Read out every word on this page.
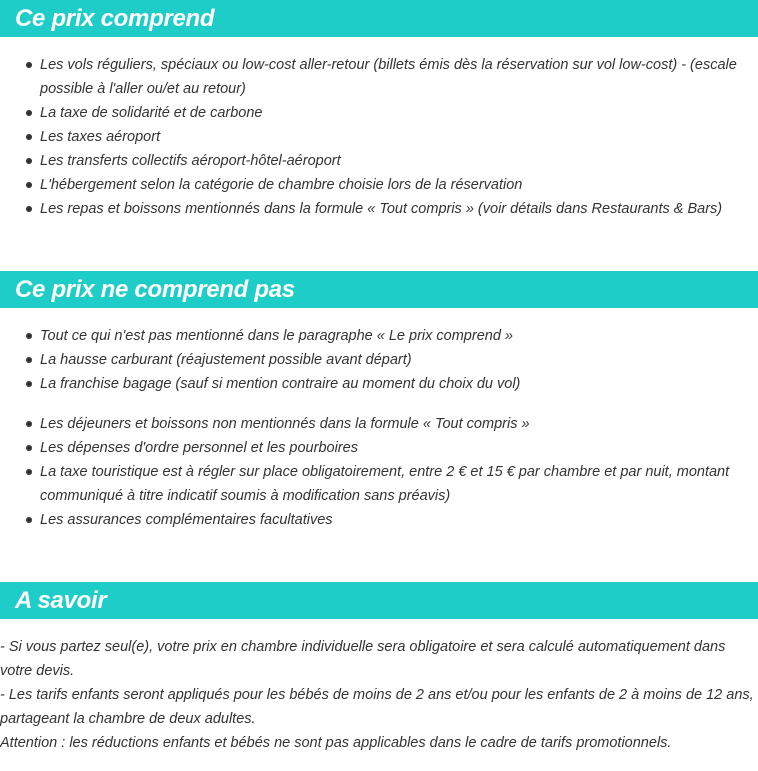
Ce prix comprend
Les vols réguliers, spéciaux ou low-cost aller-retour (billets émis dès la réservation sur vol low-cost) - (escale possible à l'aller ou/et au retour)
La taxe de solidarité et de carbone
Les taxes aéroport
Les transferts collectifs aéroport-hôtel-aéroport
L'hébergement selon la catégorie de chambre choisie lors de la réservation
Les repas et boissons mentionnés dans la formule « Tout compris » (voir détails dans Restaurants & Bars)
Ce prix ne comprend pas
Tout ce qui n'est pas mentionné dans le paragraphe « Le prix comprend »
La hausse carburant (réajustement possible avant départ)
La franchise bagage (sauf si mention contraire au moment du choix du vol)
Les déjeuners et boissons non mentionnés dans la formule « Tout compris »
Les dépenses d'ordre personnel et les pourboires
La taxe touristique est à régler sur place obligatoirement, entre 2 € et 15 € par chambre et par nuit, montant communiqué à titre indicatif soumis à modification sans préavis)
Les assurances complémentaires facultatives
A savoir

- Si vous partez seul(e), votre prix en chambre individuelle sera obligatoire et sera calculé automatiquement dans votre devis.

- Les tarifs enfants seront appliqués pour les bébés de moins de 2 ans et/ou pour les enfants de 2 à moins de 12 ans, partageant la chambre de deux adultes.

Attention : les réductions enfants et bébés ne sont pas applicables dans le cadre de tarifs promotionnels.
